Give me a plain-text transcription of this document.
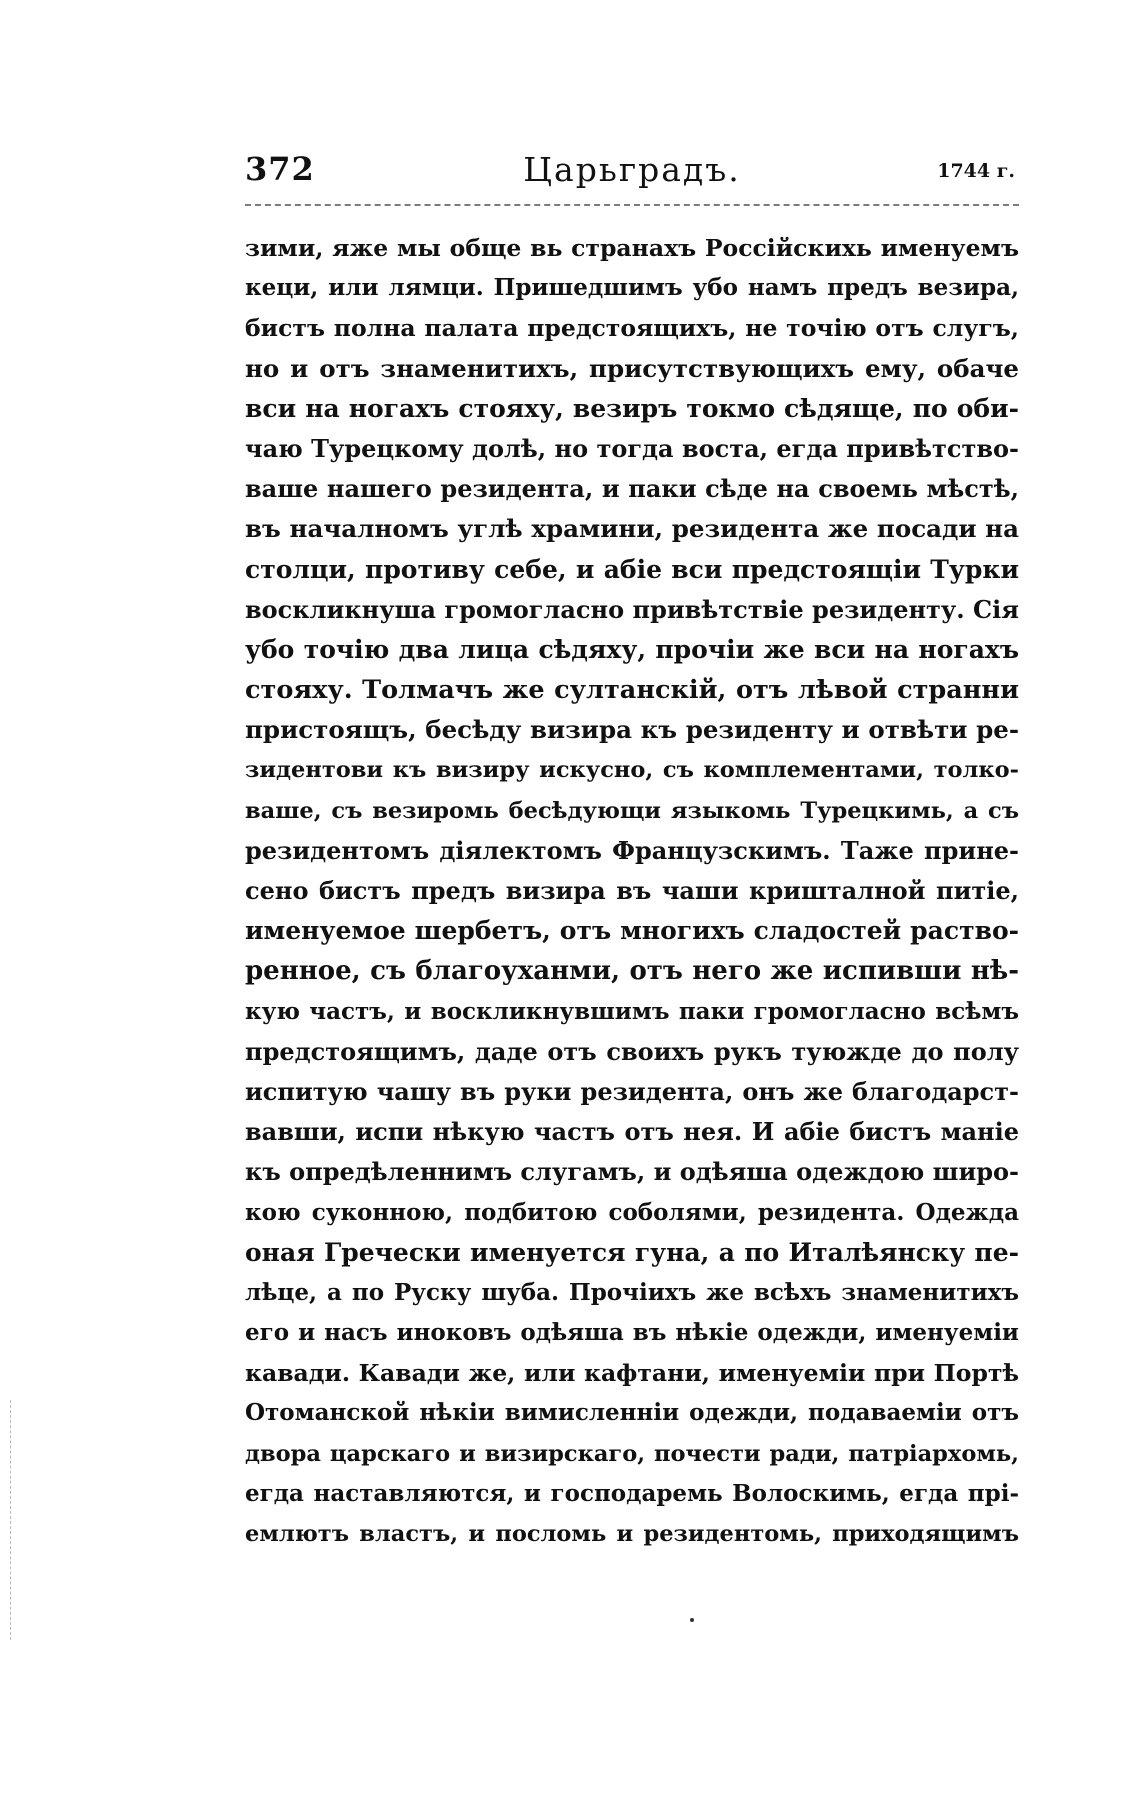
372	Царьградъ.	1744 г.
зими, яже мы обще вь странахъ Россійскихь именуемъ
кеци, или лямци. Пришедшимъ убо намъ предъ везира,
бистъ полна палата предстоящихъ, не точію отъ слугъ,
но и отъ знаменитихъ, присутствующихъ ему, обаче
вси на ногахъ стояху, везиръ токмо сѣдяще, по оби-
чаю Турецкому долѣ, но тогда воста, егда привѣтство-
ваше нашего резидента, и паки сѣде на своемь мѣстѣ,
въ началномъ углѣ храмини, резидента же посади на
столци, противу себе, и абіе вси предстоящіи Турки
воскликнуша громогласно привѣтствіе резиденту. Сія
убо точію два лица сѣдяху, прочіи же вси на ногахъ
стояху. Толмачъ же султанскій, отъ лѣвой странни
пристоящъ, бесѣду визира къ резиденту и отвѣти ре-
зидентови къ визиру искусно, съ комплементами, толко-
ваше, съ везиромь бесѣдующи языкомь Турецкимь, а съ
резидентомъ діялектомъ Французскимъ. Таже прине-
сено бистъ предъ визира въ чаши кришталной питіе,
именуемое шербетъ, отъ многихъ сладостей раство-
ренное, съ благоуханми, отъ него же испивши нѣ-
кую частъ, и воскликнувшимъ паки громогласно всѣмъ
предстоящимъ, даде отъ своихъ рукъ туюжде до полу
испитую чашу въ руки резидента, онъ же благодарст-
вавши, испи нѣкую частъ отъ нея. И абіе бистъ маніе
къ опредѣленнимъ слугамъ, и одѣяша одеждою широ-
кою суконною, подбитою соболями, резидента. Одежда
оная Гречески именуется гуна, а по Италѣянску пе-
лѣце, а по Руску шуба. Прочіихъ же всѣхъ знаменитихъ
его и насъ иноковъ одѣяша въ нѣкіе одежди, именуеміи
кавади. Кавади же, или кафтани, именуеміи при Портѣ
Отоманской нѣкіи вимисленніи одежди, подаваеміи отъ
двора царскаго и визирскаго, почести ради, патріархомь,
егда наставляются, и господаремь Волоскимь, егда прі-
емлютъ властъ, и посломь и резидентомь, приходящимъ
